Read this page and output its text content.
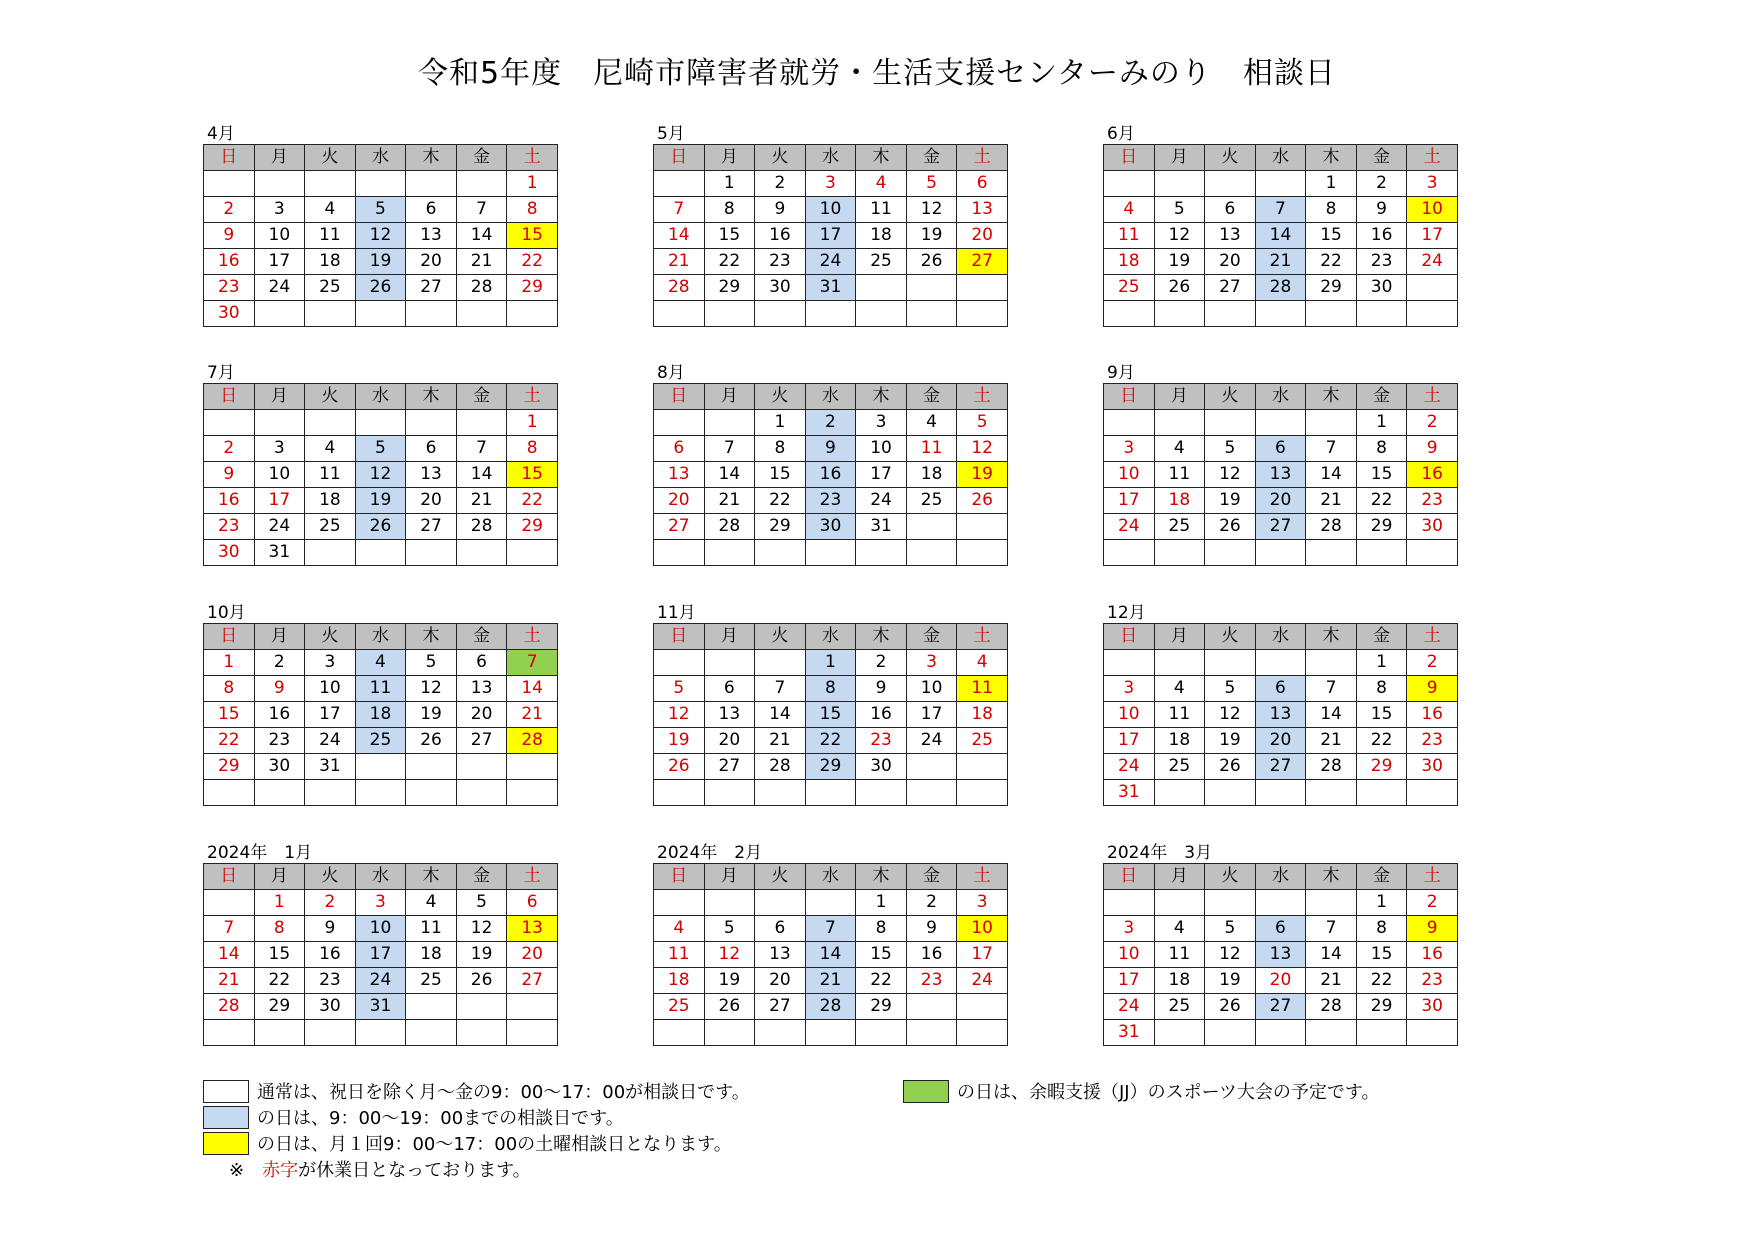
令和5年度　尼崎市障害者就労・生活支援センターみのり　相談日
4月
日	月	火	水	木	金	土
						1
2	3	4	5	6	7	8
9	10	11	12	13	14	15
16	17	18	19	20	21	22
23	24	25	26	27	28	29
30						
5月
日	月	火	水	木	金	土
	1	2	3	4	5	6
7	8	9	10	11	12	13
14	15	16	17	18	19	20
21	22	23	24	25	26	27
28	29	30	31			

6月
日	月	火	水	木	金	土
				1	2	3
4	5	6	7	8	9	10
11	12	13	14	15	16	17
18	19	20	21	22	23	24
25	26	27	28	29	30	

7月
日	月	火	水	木	金	土
						1
2	3	4	5	6	7	8
9	10	11	12	13	14	15
16	17	18	19	20	21	22
23	24	25	26	27	28	29
30	31					
8月
日	月	火	水	木	金	土
		1	2	3	4	5
6	7	8	9	10	11	12
13	14	15	16	17	18	19
20	21	22	23	24	25	26
27	28	29	30	31		

9月
日	月	火	水	木	金	土
					1	2
3	4	5	6	7	8	9
10	11	12	13	14	15	16
17	18	19	20	21	22	23
24	25	26	27	28	29	30

10月
日	月	火	水	木	金	土
1	2	3	4	5	6	7
8	9	10	11	12	13	14
15	16	17	18	19	20	21
22	23	24	25	26	27	28
29	30	31				

11月
日	月	火	水	木	金	土
			1	2	3	4
5	6	7	8	9	10	11
12	13	14	15	16	17	18
19	20	21	22	23	24	25
26	27	28	29	30		

12月
日	月	火	水	木	金	土
					1	2
3	4	5	6	7	8	9
10	11	12	13	14	15	16
17	18	19	20	21	22	23
24	25	26	27	28	29	30
31						
2024年　1月
日	月	火	水	木	金	土
	1	2	3	4	5	6
7	8	9	10	11	12	13
14	15	16	17	18	19	20
21	22	23	24	25	26	27
28	29	30	31			

2024年　2月
日	月	火	水	木	金	土
				1	2	3
4	5	6	7	8	9	10
11	12	13	14	15	16	17
18	19	20	21	22	23	24
25	26	27	28	29		

2024年　3月
日	月	火	水	木	金	土
					1	2
3	4	5	6	7	8	9
10	11	12	13	14	15	16
17	18	19	20	21	22	23
24	25	26	27	28	29	30
31						
通常は、祝日を除く月～金の9：00～17：00が相談日です。
の日は、9：00～19：00までの相談日です。
の日は、月１回9：00～17：00の土曜相談日となります。
※　 赤字 が休業日となっております。
の日は、余暇支援（JJ）のスポーツ大会の予定です。
